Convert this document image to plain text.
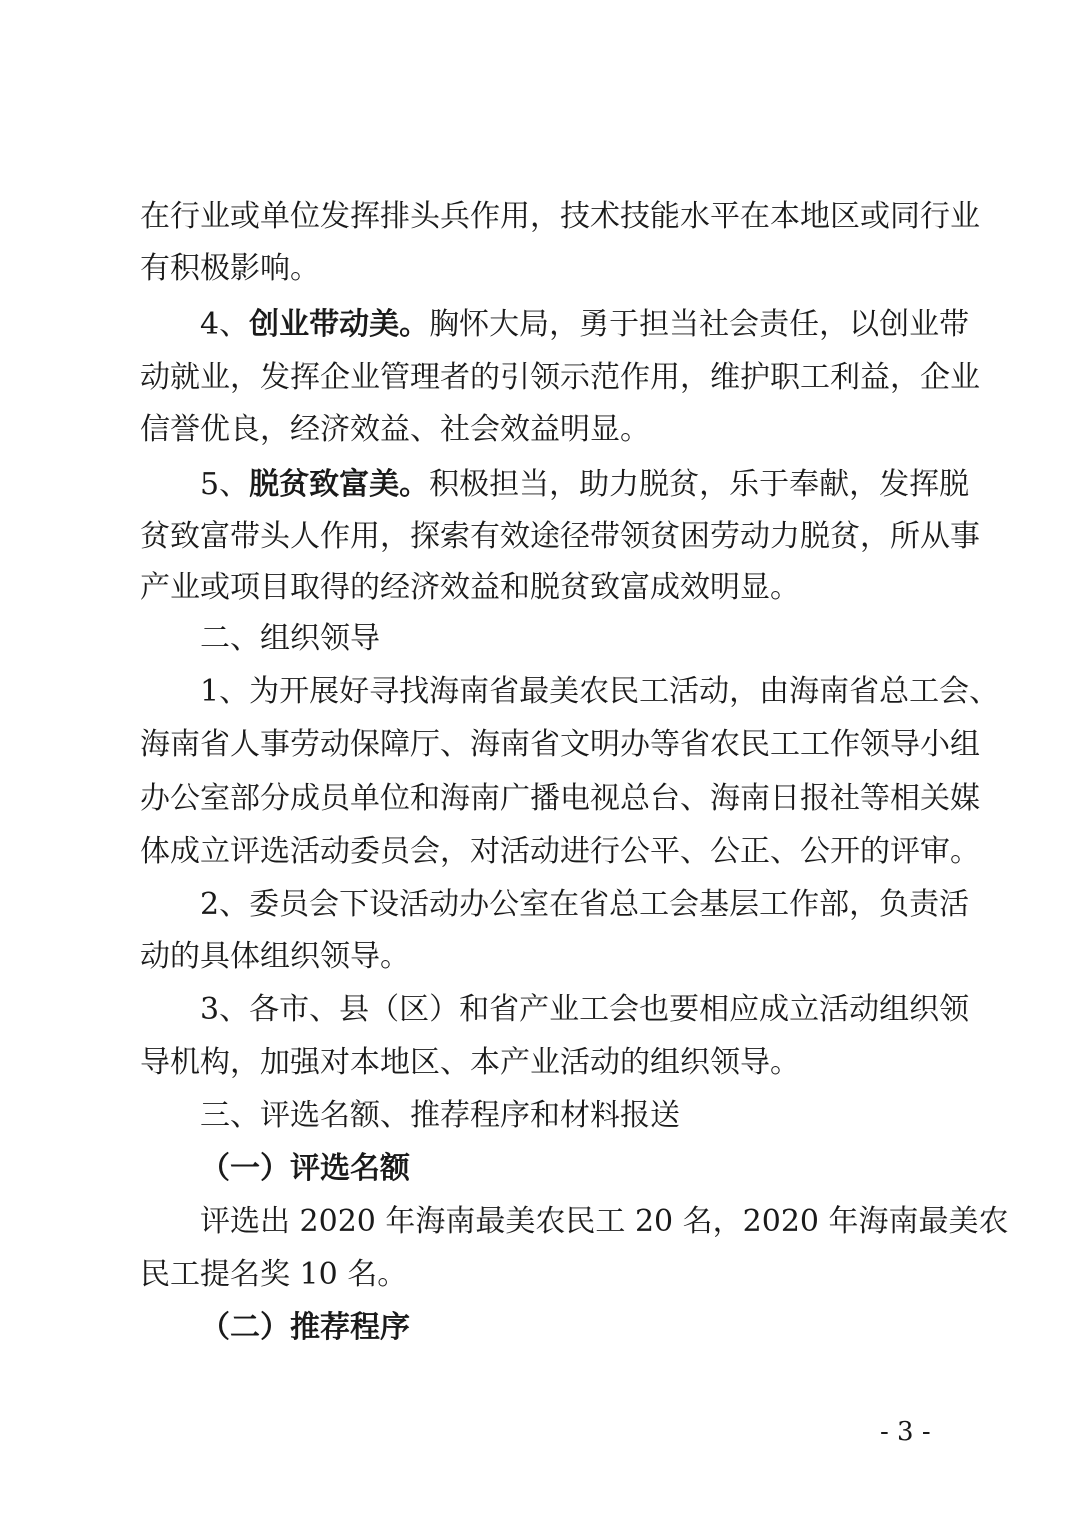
在行业或单位发挥排头兵作用，技术技能水平在本地区或同行业
有积极影响。
4、创业带动美。胸怀大局，勇于担当社会责任，以创业带
动就业，发挥企业管理者的引领示范作用，维护职工利益，企业
信誉优良，经济效益、社会效益明显。
5、脱贫致富美。积极担当，助力脱贫，乐于奉献，发挥脱
贫致富带头人作用，探索有效途径带领贫困劳动力脱贫，所从事
产业或项目取得的经济效益和脱贫致富成效明显。
二、组织领导
1、为开展好寻找海南省最美农民工活动，由海南省总工会、
海南省人事劳动保障厅、海南省文明办等省农民工工作领导小组
办公室部分成员单位和海南广播电视总台、海南日报社等相关媒
体成立评选活动委员会，对活动进行公平、公正、公开的评审。
2、委员会下设活动办公室在省总工会基层工作部，负责活
动的具体组织领导。
3、各市、县（区）和省产业工会也要相应成立活动组织领
导机构，加强对本地区、本产业活动的组织领导。
三、评选名额、推荐程序和材料报送
（一）评选名额
评选出 2020 年海南最美农民工 20 名，2020 年海南最美农
民工提名奖 10 名。
（二）推荐程序
- 3 -
